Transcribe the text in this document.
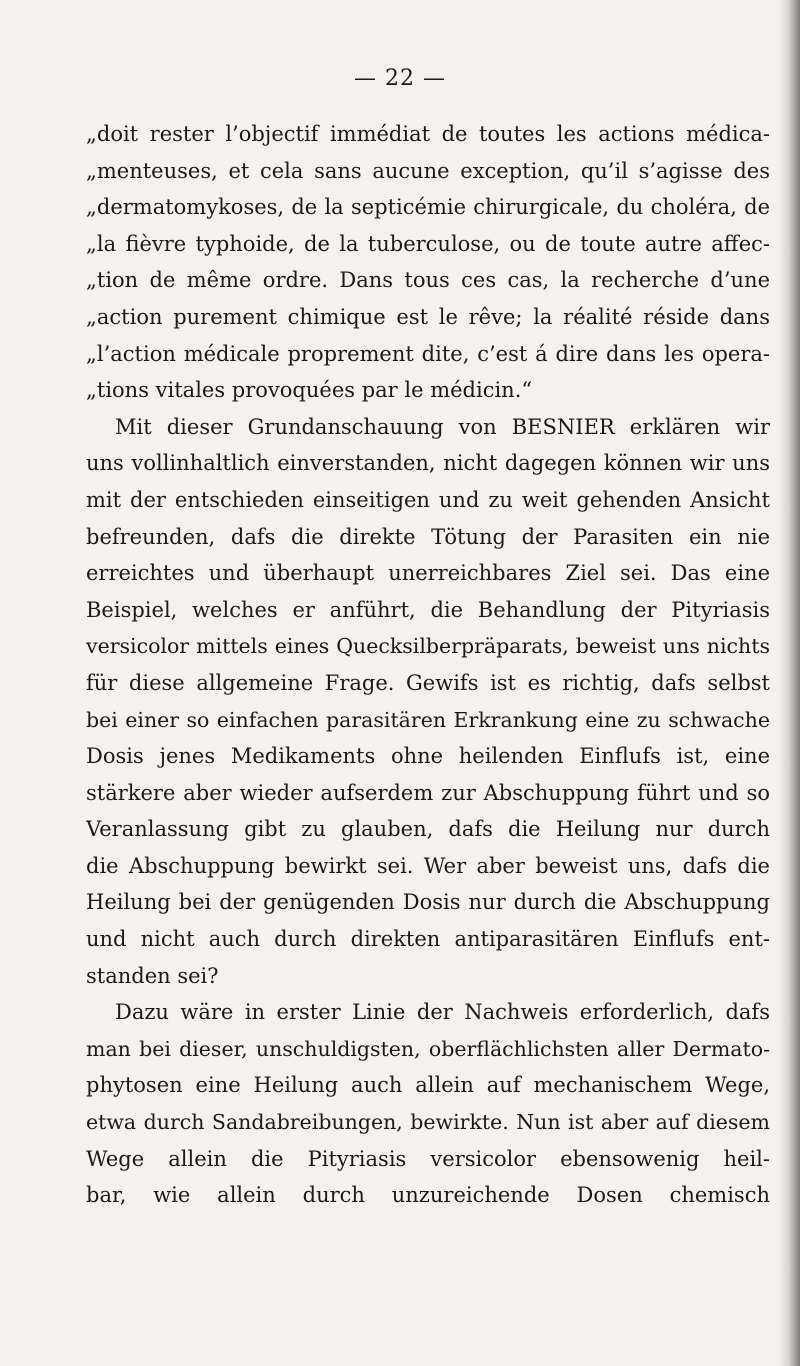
— 22 —
„doit rester l’objectif immédiat de toutes les actions médica-
„menteuses, et cela sans aucune exception, qu’il s’agisse des
„dermatomykoses, de la septicémie chirurgicale, du choléra, de
„la fièvre typhoide, de la tuberculose, ou de toute autre affec-
„tion de même ordre. Dans tous ces cas, la recherche d’une
„action purement chimique est le rêve; la réalité réside dans
„l’action médicale proprement dite, c’est á dire dans les opera-
„tions vitales provoquées par le médicin.“
Mit dieser Grundanschauung von BESNIER erklären wir
uns vollinhaltlich einverstanden, nicht dagegen können wir uns
mit der entschieden einseitigen und zu weit gehenden Ansicht
befreunden, dafs die direkte Tötung der Parasiten ein nie
erreichtes und überhaupt unerreichbares Ziel sei. Das eine
Beispiel, welches er anführt, die Behandlung der Pityriasis
versicolor mittels eines Quecksilberpräparats, beweist uns nichts
für diese allgemeine Frage. Gewifs ist es richtig, dafs selbst
bei einer so einfachen parasitären Erkrankung eine zu schwache
Dosis jenes Medikaments ohne heilenden Einflufs ist, eine
stärkere aber wieder aufserdem zur Abschuppung führt und so
Veranlassung gibt zu glauben, dafs die Heilung nur durch
die Abschuppung bewirkt sei. Wer aber beweist uns, dafs die
Heilung bei der genügenden Dosis nur durch die Abschuppung
und nicht auch durch direkten antiparasitären Einflufs ent-
standen sei?
Dazu wäre in erster Linie der Nachweis erforderlich, dafs
man bei dieser, unschuldigsten, oberflächlichsten aller Dermato-
phytosen eine Heilung auch allein auf mechanischem Wege,
etwa durch Sandabreibungen, bewirkte. Nun ist aber auf diesem
Wege allein die Pityriasis versicolor ebensowenig heil-
bar, wie allein durch unzureichende Dosen chemisch
